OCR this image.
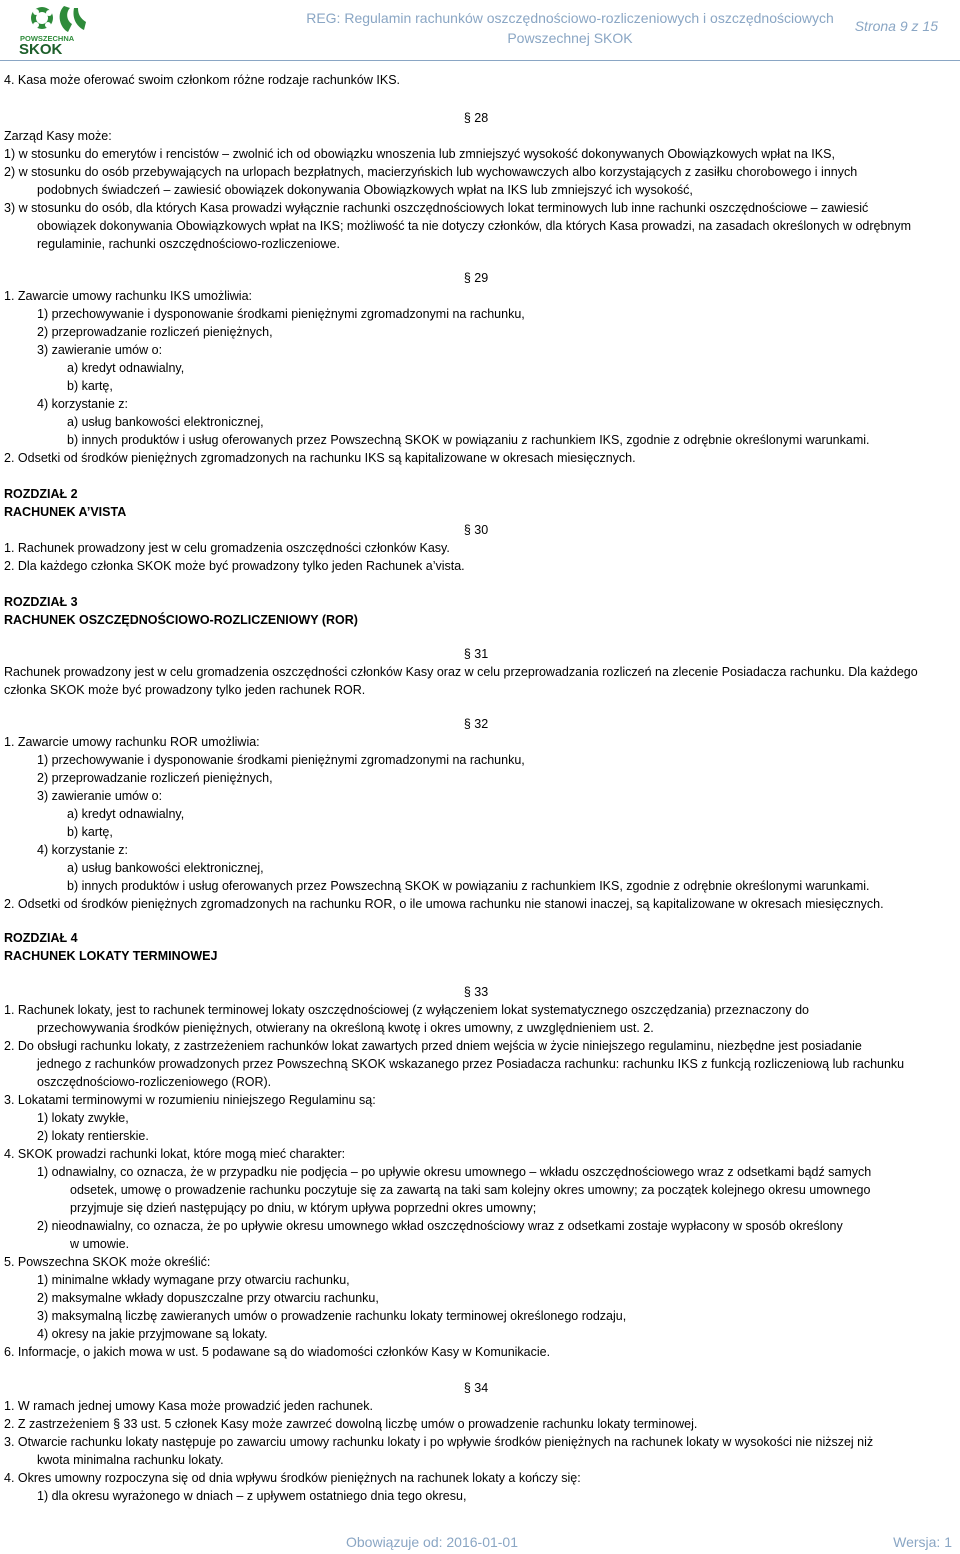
POWSZECHNA
SKOK
REG: Regulamin rachunków oszczędnościowo-rozliczeniowych i oszczędnościowych
Powszechnej SKOK
Strona 9 z 15
4. Kasa może oferować swoim członkom różne rodzaje rachunków IKS.
§ 28
Zarząd Kasy może:
1) w stosunku do emerytów i rencistów – zwolnić ich od obowiązku wnoszenia lub zmniejszyć wysokość dokonywanych Obowiązkowych wpłat na IKS,
2) w stosunku do osób przebywających na urlopach bezpłatnych, macierzyńskich lub wychowawczych albo korzystających z zasiłku chorobowego i innych
podobnych świadczeń – zawiesić obowiązek dokonywania Obowiązkowych wpłat na IKS lub zmniejszyć ich wysokość,
3) w stosunku do osób, dla których Kasa prowadzi wyłącznie rachunki oszczędnościowych lokat terminowych lub inne rachunki oszczędnościowe – zawiesić
obowiązek dokonywania Obowiązkowych wpłat na IKS; możliwość ta nie dotyczy członków, dla których Kasa prowadzi, na zasadach określonych w odrębnym
regulaminie, rachunki oszczędnościowo-rozliczeniowe.
§ 29
1. Zawarcie umowy rachunku IKS umożliwia:
1) przechowywanie i dysponowanie środkami pieniężnymi zgromadzonymi na rachunku,
2) przeprowadzanie rozliczeń pieniężnych,
3) zawieranie umów o:
a) kredyt odnawialny,
b) kartę,
4) korzystanie z:
a) usług bankowości elektronicznej,
b) innych produktów i usług oferowanych przez Powszechną SKOK w powiązaniu z rachunkiem IKS, zgodnie z odrębnie określonymi warunkami.
2. Odsetki od środków pieniężnych zgromadzonych na rachunku IKS są kapitalizowane w okresach miesięcznych.
ROZDZIAŁ 2
RACHUNEK A’VISTA
§ 30
1. Rachunek prowadzony jest w celu gromadzenia oszczędności członków Kasy.
2. Dla każdego członka SKOK może być prowadzony tylko jeden Rachunek a’vista.
ROZDZIAŁ 3
RACHUNEK OSZCZĘDNOŚCIOWO-ROZLICZENIOWY (ROR)
§ 31
Rachunek prowadzony jest w celu gromadzenia oszczędności członków Kasy oraz w celu przeprowadzania rozliczeń na zlecenie Posiadacza rachunku. Dla każdego
członka SKOK może być prowadzony tylko jeden rachunek ROR.
§ 32
1. Zawarcie umowy rachunku ROR umożliwia:
1) przechowywanie i dysponowanie środkami pieniężnymi zgromadzonymi na rachunku,
2) przeprowadzanie rozliczeń pieniężnych,
3) zawieranie umów o:
a) kredyt odnawialny,
b) kartę,
4) korzystanie z:
a) usług bankowości elektronicznej,
b) innych produktów i usług oferowanych przez Powszechną SKOK w powiązaniu z rachunkiem IKS, zgodnie z odrębnie określonymi warunkami.
2. Odsetki od środków pieniężnych zgromadzonych na rachunku ROR, o ile umowa rachunku nie stanowi inaczej, są kapitalizowane w okresach miesięcznych.
ROZDZIAŁ 4
RACHUNEK LOKATY TERMINOWEJ
§ 33
1. Rachunek lokaty, jest to rachunek terminowej lokaty oszczędnościowej (z wyłączeniem lokat systematycznego oszczędzania) przeznaczony do
przechowywania środków pieniężnych, otwierany na określoną kwotę i okres umowny, z uwzględnieniem ust. 2.
2. Do obsługi rachunku lokaty, z zastrzeżeniem rachunków lokat zawartych przed dniem wejścia w życie niniejszego regulaminu, niezbędne jest posiadanie
jednego z rachunków prowadzonych przez Powszechną SKOK wskazanego przez Posiadacza rachunku: rachunku IKS z funkcją rozliczeniową lub rachunku
oszczędnościowo-rozliczeniowego (ROR).
3. Lokatami terminowymi w rozumieniu niniejszego Regulaminu są:
1) lokaty zwykłe,
2) lokaty rentierskie.
4. SKOK prowadzi rachunki lokat, które mogą mieć charakter:
1) odnawialny, co oznacza, że w przypadku nie podjęcia – po upływie okresu umownego – wkładu oszczędnościowego wraz z odsetkami bądź samych
odsetek, umowę o prowadzenie rachunku poczytuje się za zawartą na taki sam kolejny okres umowny; za początek kolejnego okresu umownego
przyjmuje się dzień następujący po dniu, w którym upływa poprzedni okres umowny;
2) nieodnawialny, co oznacza, że po upływie okresu umownego wkład oszczędnościowy wraz z odsetkami zostaje wypłacony w sposób określony
w umowie.
5. Powszechna SKOK może określić:
1) minimalne wkłady wymagane przy otwarciu rachunku,
2) maksymalne wkłady dopuszczalne przy otwarciu rachunku,
3) maksymalną liczbę zawieranych umów o prowadzenie rachunku lokaty terminowej określonego rodzaju,
4) okresy na jakie przyjmowane są lokaty.
6. Informacje, o jakich mowa w ust. 5 podawane są do wiadomości członków Kasy w Komunikacie.
§ 34
1. W ramach jednej umowy Kasa może prowadzić jeden rachunek.
2. Z zastrzeżeniem § 33 ust. 5 członek Kasy może zawrzeć dowolną liczbę umów o prowadzenie rachunku lokaty terminowej.
3. Otwarcie rachunku lokaty następuje po zawarciu umowy rachunku lokaty i po wpływie środków pieniężnych na rachunek lokaty w wysokości nie niższej niż
kwota minimalna rachunku lokaty.
4. Okres umowny rozpoczyna się od dnia wpływu środków pieniężnych na rachunek lokaty a kończy się:
1) dla okresu wyrażonego w dniach – z upływem ostatniego dnia tego okresu,
Obowiązuje od: 2016-01-01	Wersja: 1
